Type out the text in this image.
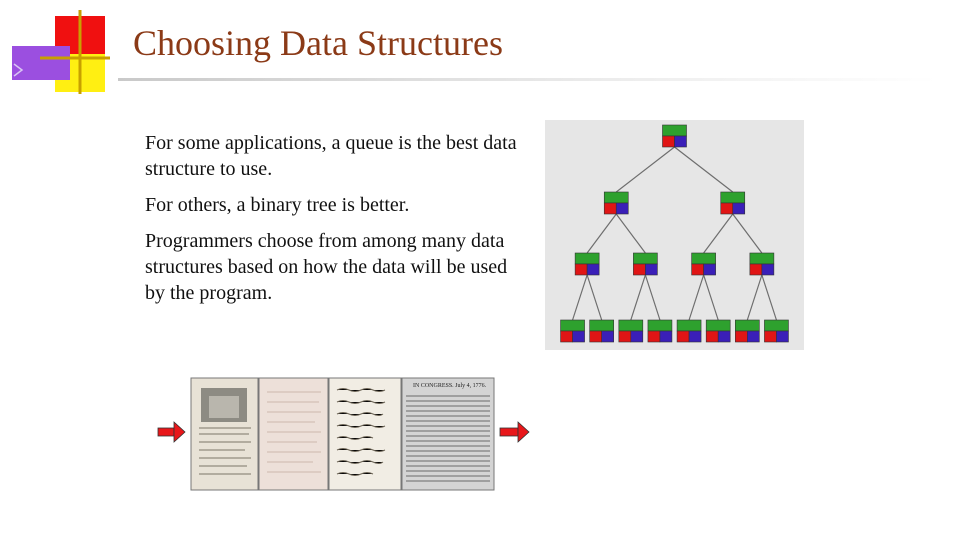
Choosing Data Structures

For some applications, a queue is the best data structure to use.

For others, a binary tree is better.

Programmers choose from among many data structures based on how the data will be used by the program.

IN CONGRESS. July 4, 1776.
